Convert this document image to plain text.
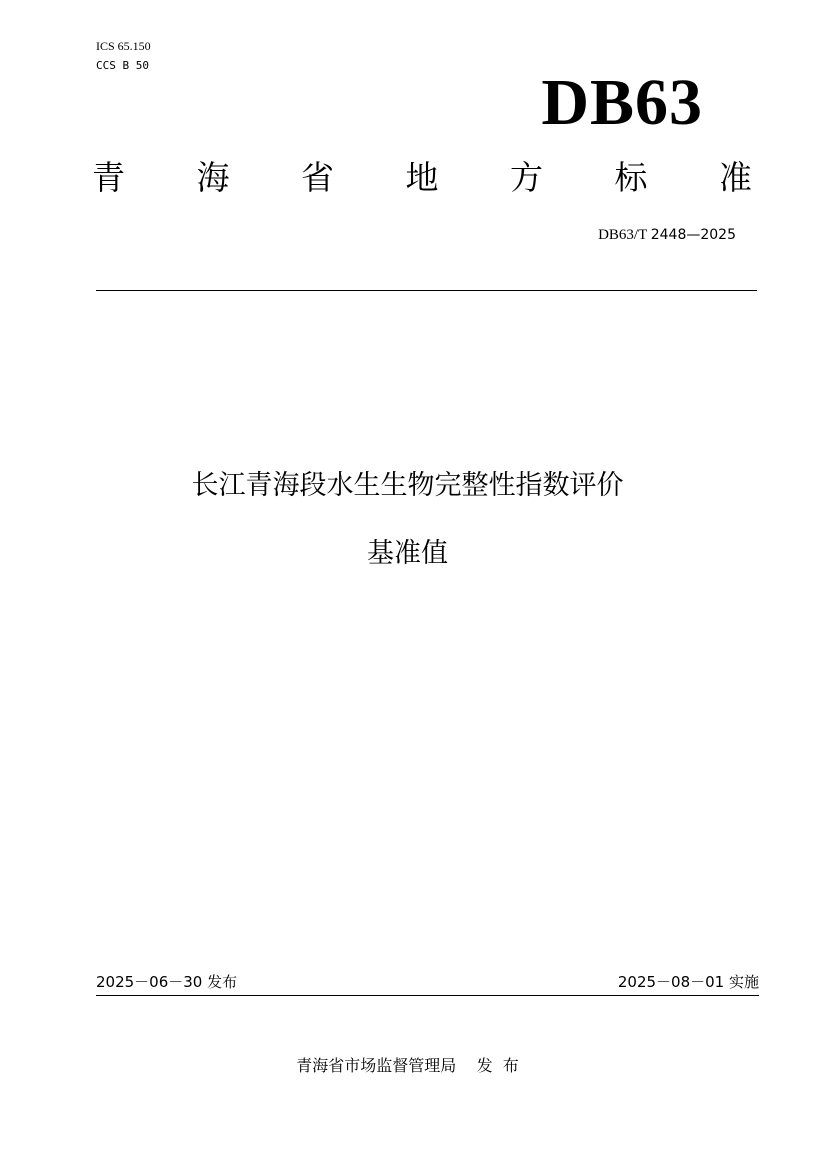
ICS 65.150
CCS B 50
DB63
青 海 省 地 方 标 准
DB63/T 2448—2025
长江青海段水生生物完整性指数评价
基准值
2025－06－30 发布	2025－08－01 实施
青海省市场监督管理局    发  布
